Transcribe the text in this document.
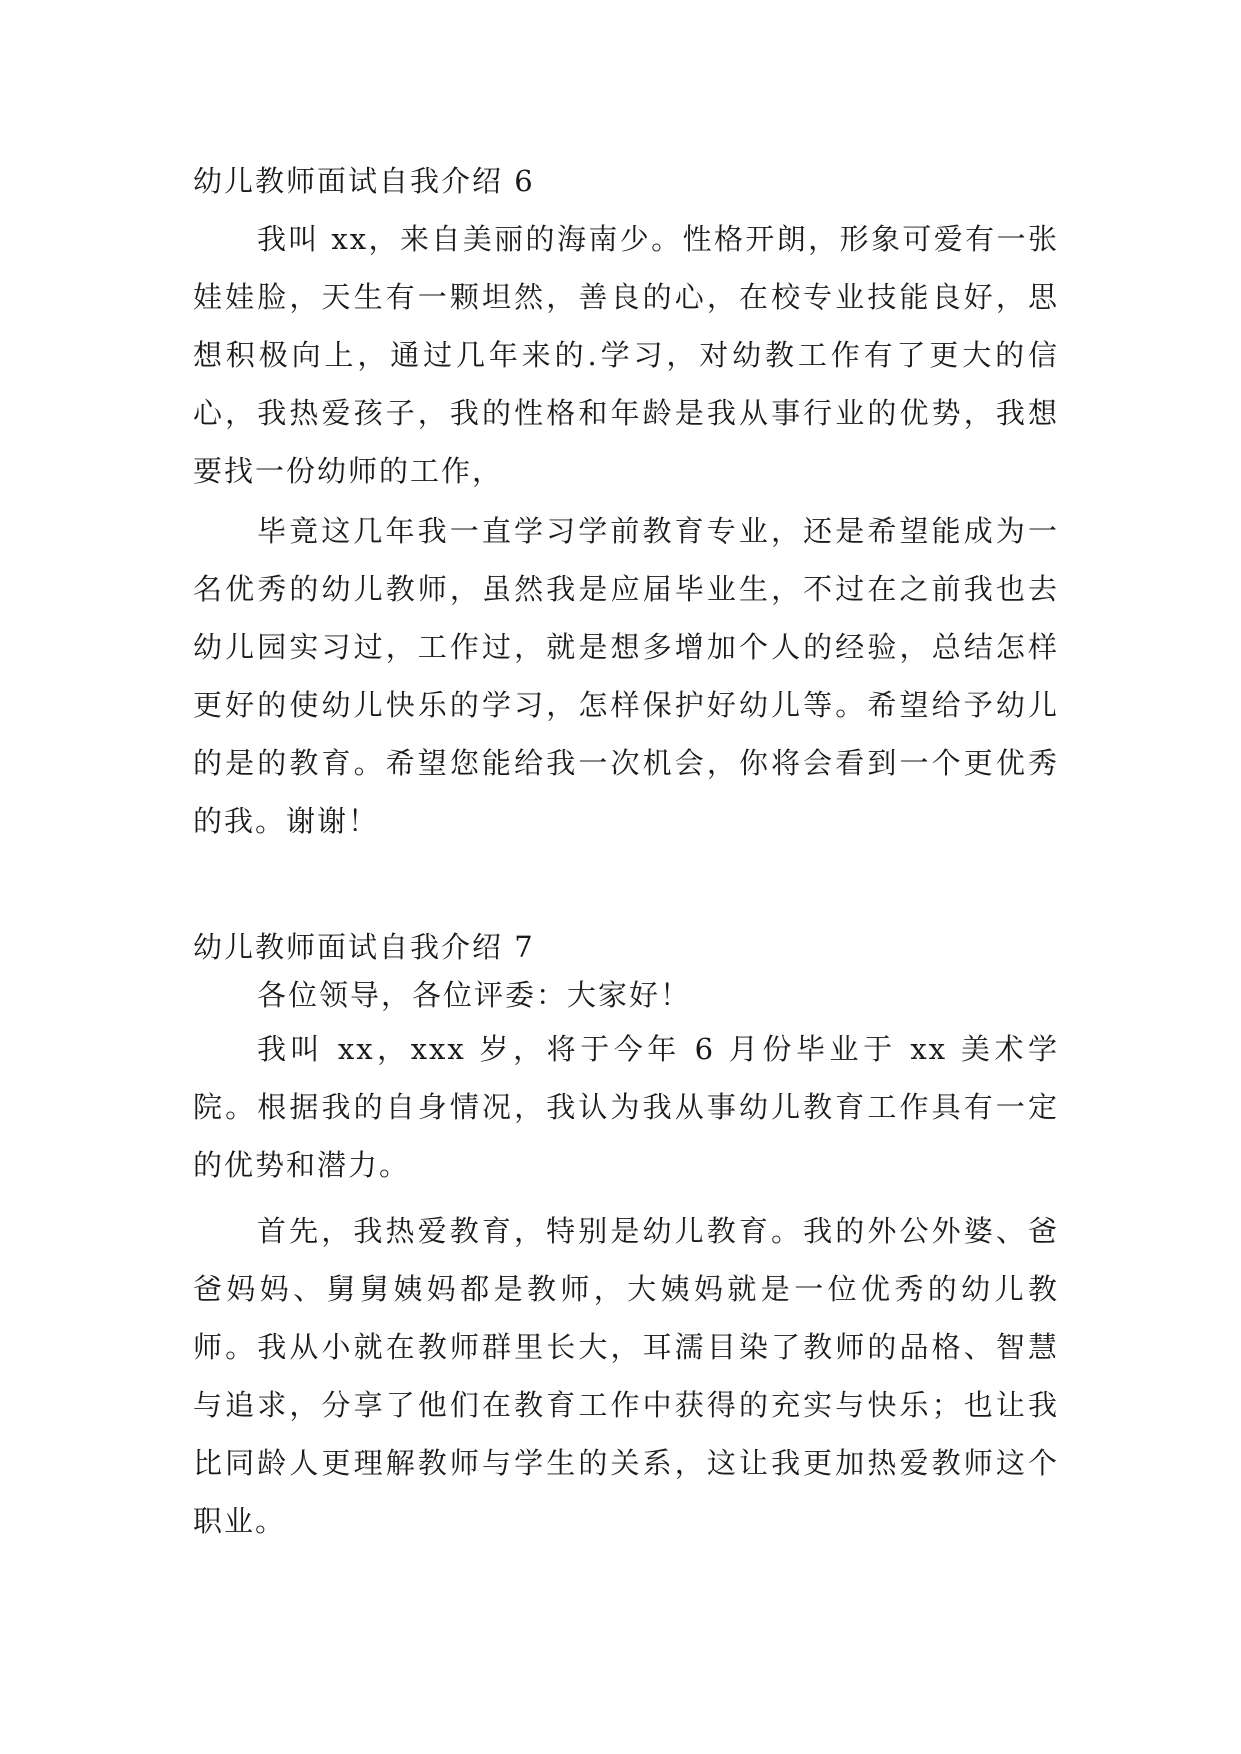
幼儿教师面试自我介绍 6

我叫 xx，来自美丽的海南少。性格开朗，形象可爱有一张娃娃脸，天生有一颗坦然，善良的心，在校专业技能良好，思想积极向上，通过几年来的.学习，对幼教工作有了更大的信心，我热爱孩子，我的性格和年龄是我从事行业的优势，我想要找一份幼师的工作，

毕竟这几年我一直学习学前教育专业，还是希望能成为一名优秀的幼儿教师，虽然我是应届毕业生，不过在之前我也去幼儿园实习过，工作过，就是想多增加个人的经验，总结怎样更好的使幼儿快乐的学习，怎样保护好幼儿等。希望给予幼儿的是的教育。希望您能给我一次机会，你将会看到一个更优秀的我。谢谢！

幼儿教师面试自我介绍 7

各位领导，各位评委：大家好！

我叫 xx，xxx 岁，将于今年 6 月份毕业于 xx 美术学院。根据我的自身情况，我认为我从事幼儿教育工作具有一定的优势和潜力。

首先，我热爱教育，特别是幼儿教育。我的外公外婆、爸爸妈妈、舅舅姨妈都是教师，大姨妈就是一位优秀的幼儿教师。我从小就在教师群里长大，耳濡目染了教师的品格、智慧与追求，分享了他们在教育工作中获得的充实与快乐；也让我比同龄人更理解教师与学生的关系，这让我更加热爱教师这个职业。
